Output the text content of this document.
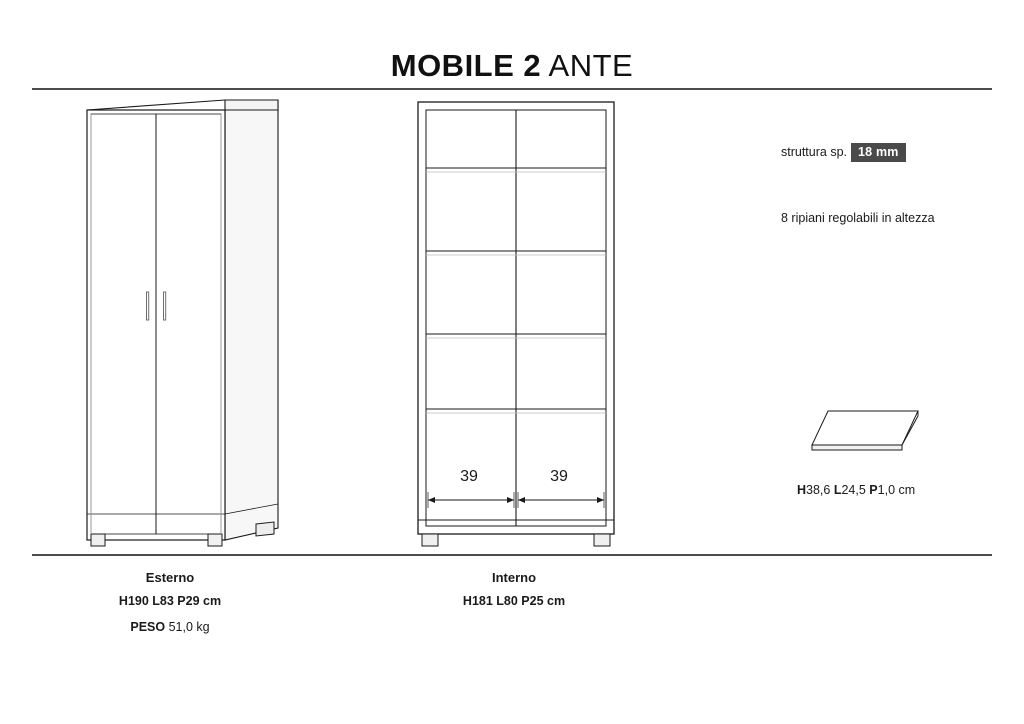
MOBILE 2 ANTE
39	39
struttura sp. 18 mm
8 ripiani regolabili in altezza
H38,6 L24,5 P1,0 cm
Esterno
H190 L83 P29 cm
PESO 51,0 kg
Interno
H181 L80 P25 cm
